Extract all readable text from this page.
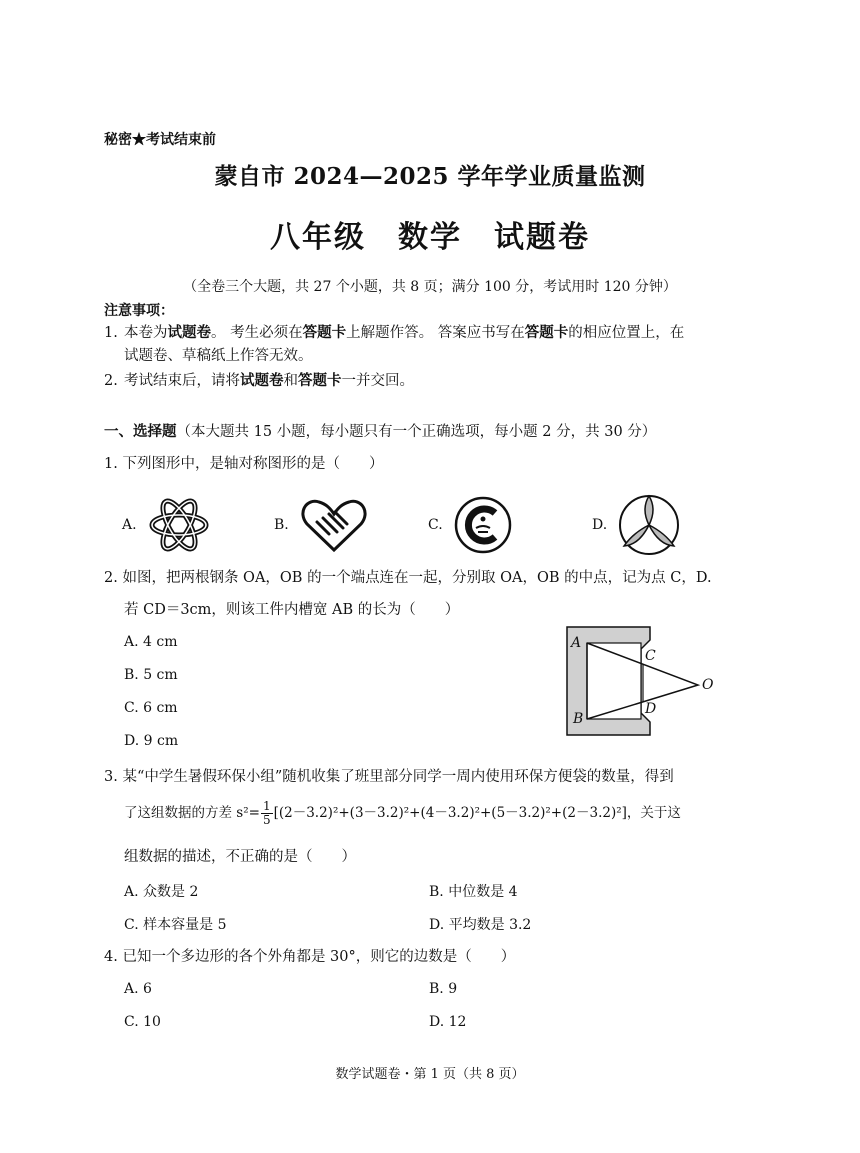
秘密★考试结束前
蒙自市 2024—2025 学年学业质量监测
八年级　数学　试题卷
（全卷三个大题，共 27 个小题，共 8 页；满分 100 分，考试用时 120 分钟）
注意事项：
1. 本卷为试题卷。 考生必须在答题卡上解题作答。 答案应书写在答题卡的相应位置上，在
试题卷、草稿纸上作答无效。
2. 考试结束后，请将试题卷和答题卡一并交回。
一、选择题（本大题共 15 小题，每小题只有一个正确选项，每小题 2 分，共 30 分）
1. 下列图形中，是轴对称图形的是（　　）
A.	B.	C.	D.
2. 如图，把两根钢条 OA，OB 的一个端点连在一起，分别取 OA，OB 的中点，记为点 C，D.
若 CD＝3cm，则该工件内槽宽 AB 的长为（　　）
A. 4 cm
B. 5 cm
C. 6 cm
D. 9 cm
A
B
C
D
O
3. 某“中学生暑假环保小组”随机收集了班里部分同学一周内使用环保方便袋的数量，得到
了这组数据的方差 $s^2= \frac{1}{5} [(2-3.2)^2+(3-3.2)^2+(4-3.2)^2+(5-3.2)^2+(2-3.2)^2]$，关于这
组数据的描述，不正确的是（　　）
A. 众数是 2	B. 中位数是 4
C. 样本容量是 5	D. 平均数是 3.2
4. 已知一个多边形的各个外角都是 30°，则它的边数是（　　）
A. 6	B. 9
C. 10	D. 12
数学试题卷・第 1 页（共 8 页）
